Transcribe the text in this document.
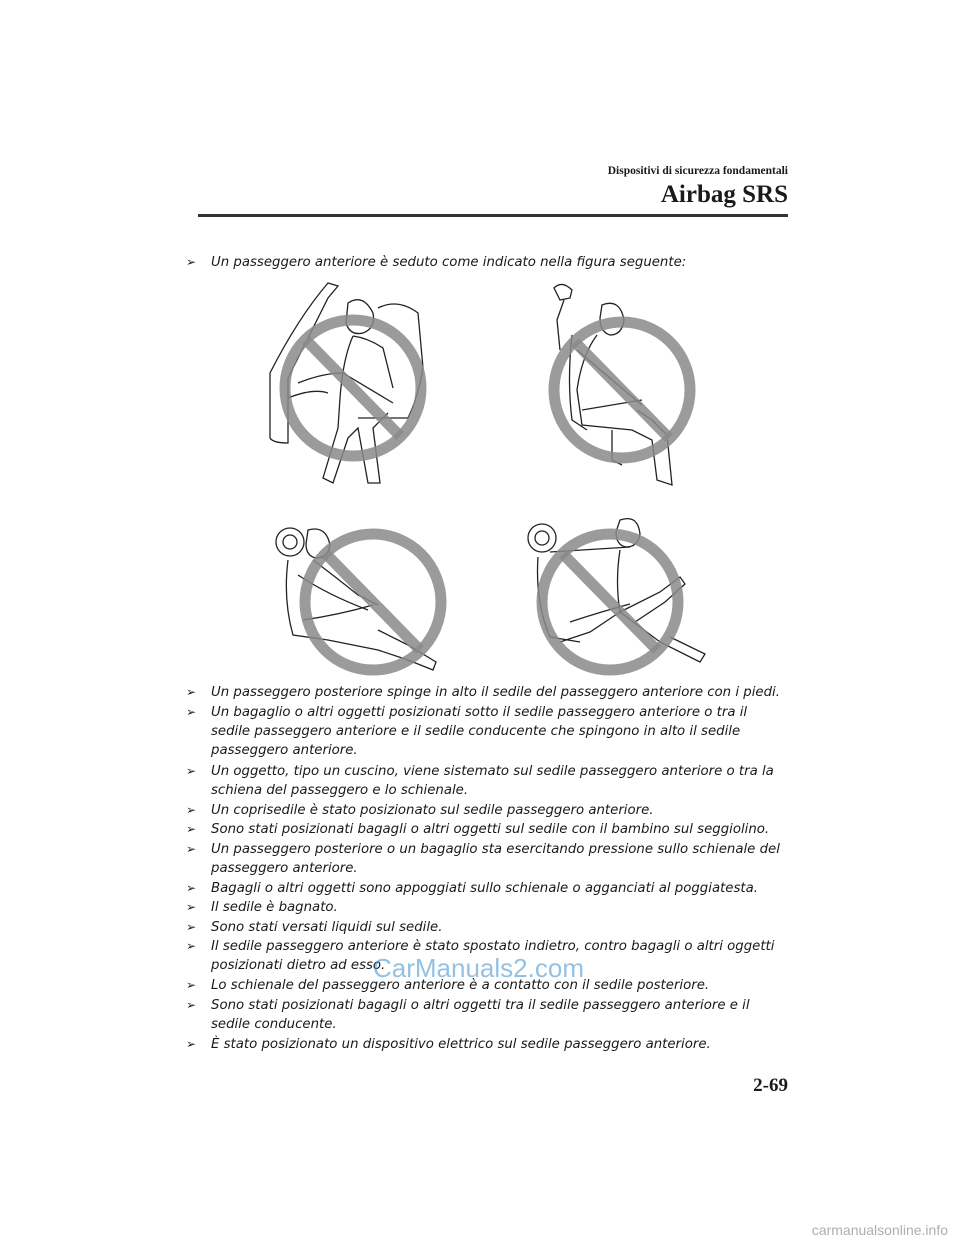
Dispositivi di sicurezza fondamentali
Airbag SRS
➢ Un passeggero anteriore è seduto come indicato nella figura seguente:
➢ Un passeggero posteriore spinge in alto il sedile del passeggero anteriore con i piedi.
➢ Un bagaglio o altri oggetti posizionati sotto il sedile passeggero anteriore o tra il sedile passeggero anteriore e il sedile conducente che spingono in alto il sedile passeggero anteriore.
➢ Un oggetto, tipo un cuscino, viene sistemato sul sedile passeggero anteriore o tra la schiena del passeggero e lo schienale.
➢ Un coprisedile è stato posizionato sul sedile passeggero anteriore.
➢ Sono stati posizionati bagagli o altri oggetti sul sedile con il bambino sul seggiolino.
➢ Un passeggero posteriore o un bagaglio sta esercitando pressione sullo schienale del passeggero anteriore.
➢ Bagagli o altri oggetti sono appoggiati sullo schienale o agganciati al poggiatesta.
➢ Il sedile è bagnato.
➢ Sono stati versati liquidi sul sedile.
➢ Il sedile passeggero anteriore è stato spostato indietro, contro bagagli o altri oggetti posizionati dietro ad esso.
➢ Lo schienale del passeggero anteriore è a contatto con il sedile posteriore.
➢ Sono stati posizionati bagagli o altri oggetti tra il sedile passeggero anteriore e il sedile conducente.
➢ È stato posizionato un dispositivo elettrico sul sedile passeggero anteriore.
CarManuals2.com
2-69
carmanualsonline.info
